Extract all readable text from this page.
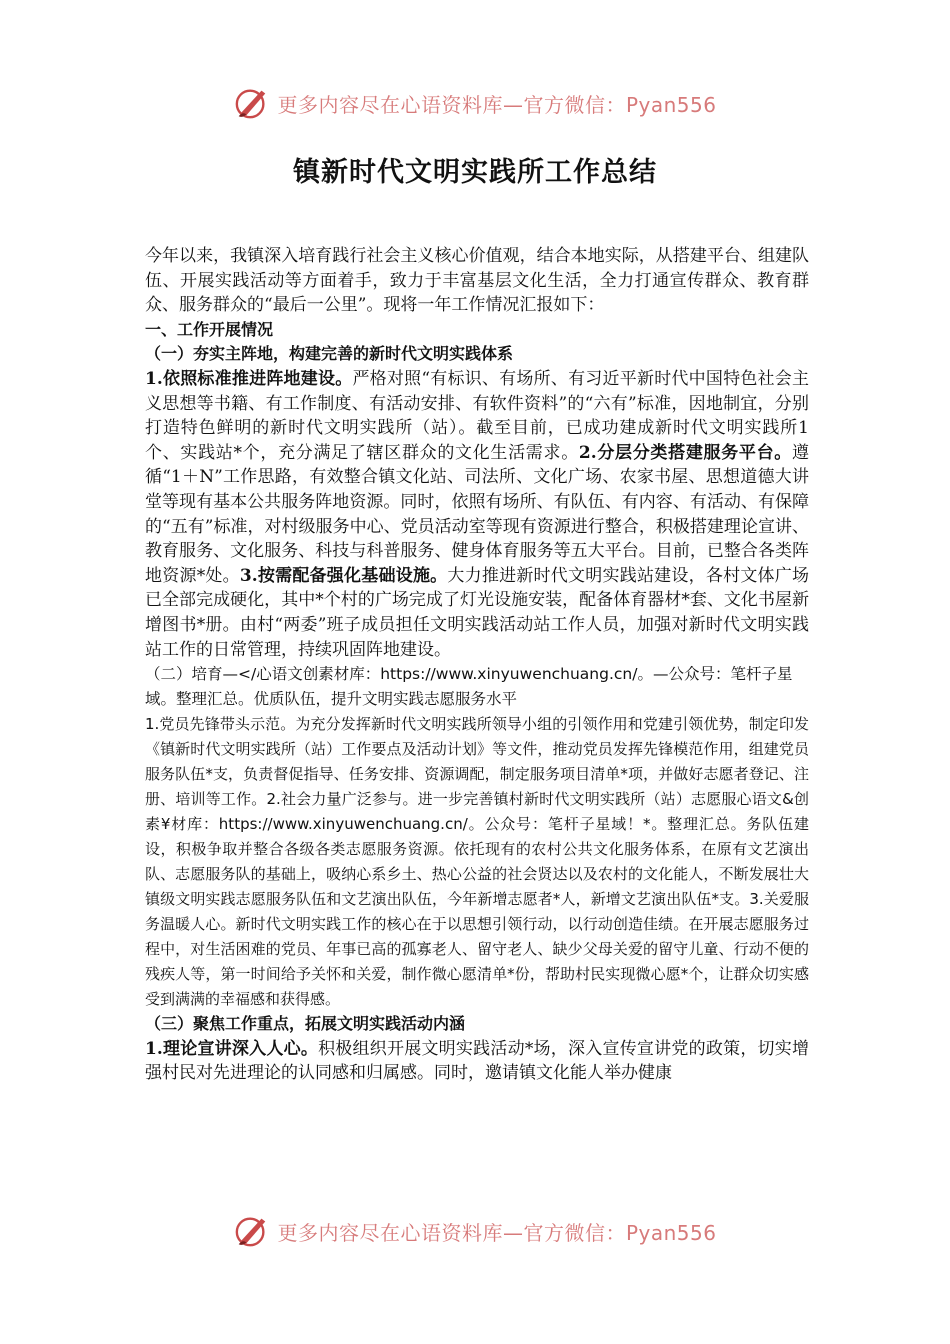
更多内容尽在心语资料库—官方微信：Pyan556
镇新时代文明实践所工作总结

今年以来，我镇深入培育践行社会主义核心价值观，结合本地实际，从搭建平台、组建队伍、开展实践活动等方面着手，致力于丰富基层文化生活，全力打通宣传群众、教育群众、服务群众的“最后一公里”。现将一年工作情况汇报如下：

一、工作开展情况

（一）夯实主阵地，构建完善的新时代文明实践体系

1.依照标准推进阵地建设。严格对照“有标识、有场所、有习近平新时代中国特色社会主义思想等书籍、有工作制度、有活动安排、有软件资料”的“六有”标准，因地制宜，分别打造特色鲜明的新时代文明实践所（站）。截至目前，已成功建成新时代文明实践所1个、实践站*个，充分满足了辖区群众的文化生活需求。2.分层分类搭建服务平台。遵循“1＋N”工作思路，有效整合镇文化站、司法所、文化广场、农家书屋、思想道德大讲堂等现有基本公共服务阵地资源。同时，依照有场所、有队伍、有内容、有活动、有保障的“五有”标准，对村级服务中心、党员活动室等现有资源进行整合，积极搭建理论宣讲、教育服务、文化服务、科技与科普服务、健身体育服务等五大平台。目前，已整合各类阵地资源*处。3.按需配备强化基础设施。大力推进新时代文明实践站建设，各村文体广场已全部完成硬化，其中*个村的广场完成了灯光设施安装，配备体育器材*套、文化书屋新增图书*册。由村“两委”班子成员担任文明实践活动站工作人员，加强对新时代文明实践站工作的日常管理，持续巩固阵地建设。

（二）培育—</心语文创素材库：https://www.xinyuwenchuang.cn/。—公众号：笔杆子星域。整理汇总。优质队伍，提升文明实践志愿服务水平

1.党员先锋带头示范。为充分发挥新时代文明实践所领导小组的引领作用和党建引领优势，制定印发《镇新时代文明实践所（站）工作要点及活动计划》等文件，推动党员发挥先锋模范作用，组建党员服务队伍*支，负责督促指导、任务安排、资源调配，制定服务项目清单*项，并做好志愿者登记、注册、培训等工作。2.社会力量广泛参与。进一步完善镇村新时代文明实践所（站）志愿服心语文&创素¥材库：https://www.xinyuwenchuang.cn/。公众号：笔杆子星域！*。整理汇总。务队伍建设，积极争取并整合各级各类志愿服务资源。依托现有的农村公共文化服务体系，在原有文艺演出队、志愿服务队的基础上，吸纳心系乡土、热心公益的社会贤达以及农村的文化能人，不断发展壮大镇级文明实践志愿服务队伍和文艺演出队伍，今年新增志愿者*人，新增文艺演出队伍*支。3.关爱服务温暖人心。新时代文明实践工作的核心在于以思想引领行动，以行动创造佳绩。在开展志愿服务过程中，对生活困难的党员、年事已高的孤寡老人、留守老人、缺少父母关爱的留守儿童、行动不便的残疾人等，第一时间给予关怀和关爱，制作微心愿清单*份，帮助村民实现微心愿*个，让群众切实感受到满满的幸福感和获得感。

（三）聚焦工作重点，拓展文明实践活动内涵

1.理论宣讲深入人心。积极组织开展文明实践活动*场，深入宣传宣讲党的政策，切实增强村民对先进理论的认同感和归属感。同时，邀请镇文化能人举办健康

更多内容尽在心语资料库—官方微信：Pyan556
